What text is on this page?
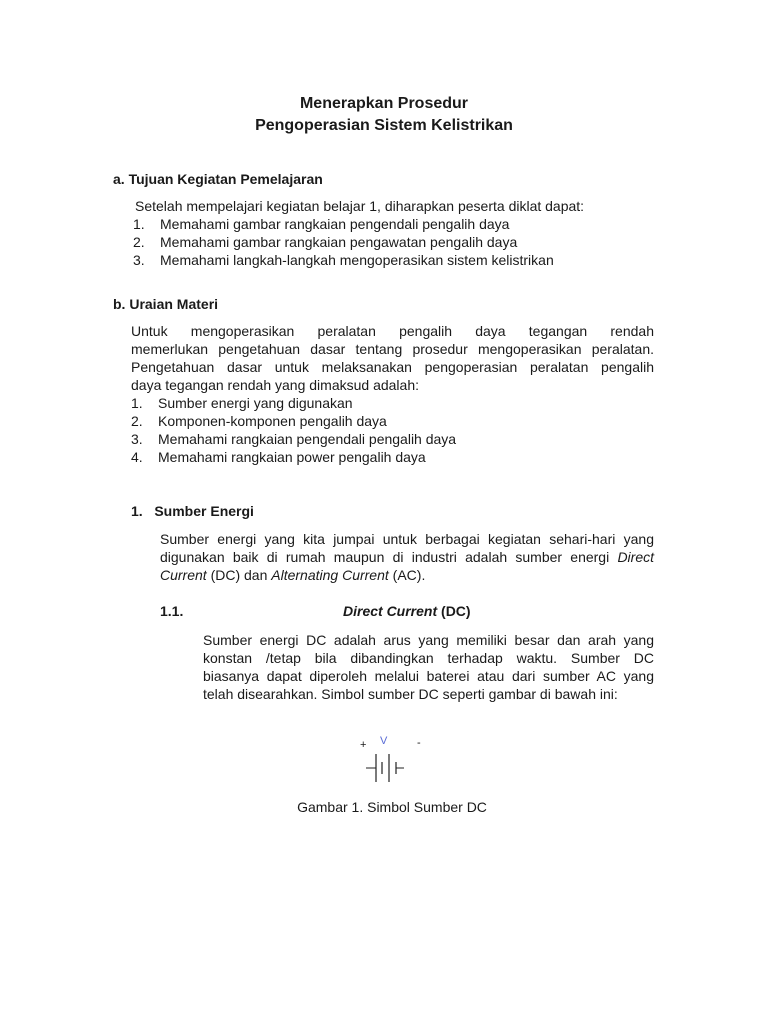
Menerapkan Prosedur
Pengoperasian Sistem Kelistrikan
a. Tujuan Kegiatan Pemelajaran
Setelah mempelajari kegiatan belajar 1, diharapkan peserta diklat dapat:
1. Memahami gambar rangkaian pengendali pengalih daya
2. Memahami gambar rangkaian pengawatan pengalih daya
3. Memahami langkah-langkah mengoperasikan sistem kelistrikan
b. Uraian Materi
Untuk mengoperasikan peralatan pengalih daya tegangan rendah
memerlukan pengetahuan dasar tentang prosedur mengoperasikan peralatan.
Pengetahuan dasar untuk melaksanakan pengoperasian peralatan pengalih
daya tegangan rendah yang dimaksud adalah:
1. Sumber energi yang digunakan
2. Komponen-komponen pengalih daya
3. Memahami rangkaian pengendali pengalih daya
4. Memahami rangkaian power pengalih daya
1.   Sumber Energi
Sumber energi yang kita jumpai untuk berbagai kegiatan sehari-hari yang
digunakan baik di rumah maupun di industri adalah sumber energi Direct
Current (DC) dan Alternating Current (AC).
1.1.	Direct Current (DC)
Sumber energi DC adalah arus yang memiliki besar dan arah yang
konstan /tetap bila dibandingkan terhadap waktu. Sumber DC
biasanya dapat diperoleh melalui baterei atau dari sumber AC yang
telah disearahkan. Simbol sumber DC seperti gambar di bawah ini:
+ V	-
Gambar 1. Simbol Sumber DC
